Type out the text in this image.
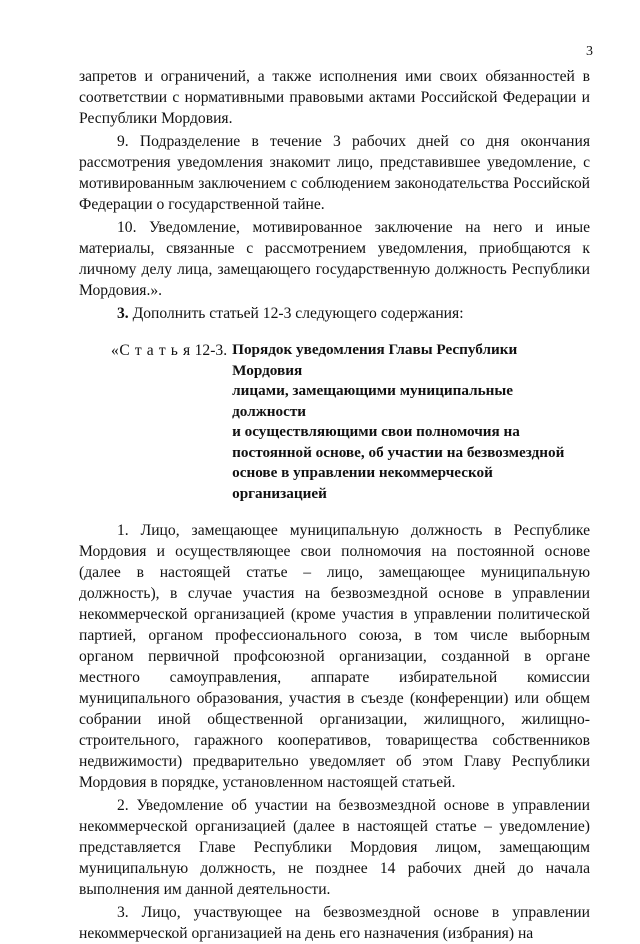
3

запретов и ограничений, а также исполнения ими своих обязанностей в соответствии с нормативными правовыми актами Российской Федерации и Республики Мордовия.

9. Подразделение в течение 3 рабочих дней со дня окончания рассмотрения уведомления знакомит лицо, представившее уведомление, с мотивированным заключением с соблюдением законодательства Российской Федерации о государственной тайне.

10. Уведомление, мотивированное заключение на него и иные материалы, связанные с рассмотрением уведомления, приобщаются к личному делу лица, замещающего государственную должность Республики Мордовия.».

3. Дополнить статьей 12-3 следующего содержания:

«С т а т ь я 12-3. Порядок уведомления Главы Республики Мордовия
лицами, замещающими муниципальные должности
и осуществляющими свои полномочия на
постоянной основе, об участии на безвозмездной
основе в управлении некоммерческой организацией

1. Лицо, замещающее муниципальную должность в Республике Мордовия и осуществляющее свои полномочия на постоянной основе (далее в настоящей статье – лицо, замещающее муниципальную должность), в случае участия на безвозмездной основе в управлении некоммерческой организацией (кроме участия в управлении политической партией, органом профессионального союза, в том числе выборным органом первичной профсоюзной организации, созданной в органе местного самоуправления, аппарате избирательной комиссии муниципального образования, участия в съезде (конференции) или общем собрании иной общественной организации, жилищного, жилищно-строительного, гаражного кооперативов, товарищества собственников недвижимости) предварительно уведомляет об этом Главу Республики Мордовия в порядке, установленном настоящей статьей.

2. Уведомление об участии на безвозмездной основе в управлении некоммерческой организацией (далее в настоящей статье – уведомление) представляется Главе Республики Мордовия лицом, замещающим муниципальную должность, не позднее 14 рабочих дней до начала выполнения им данной деятельности.

3. Лицо, участвующее на безвозмездной основе в управлении некоммерческой организацией на день его назначения (избрания) на
